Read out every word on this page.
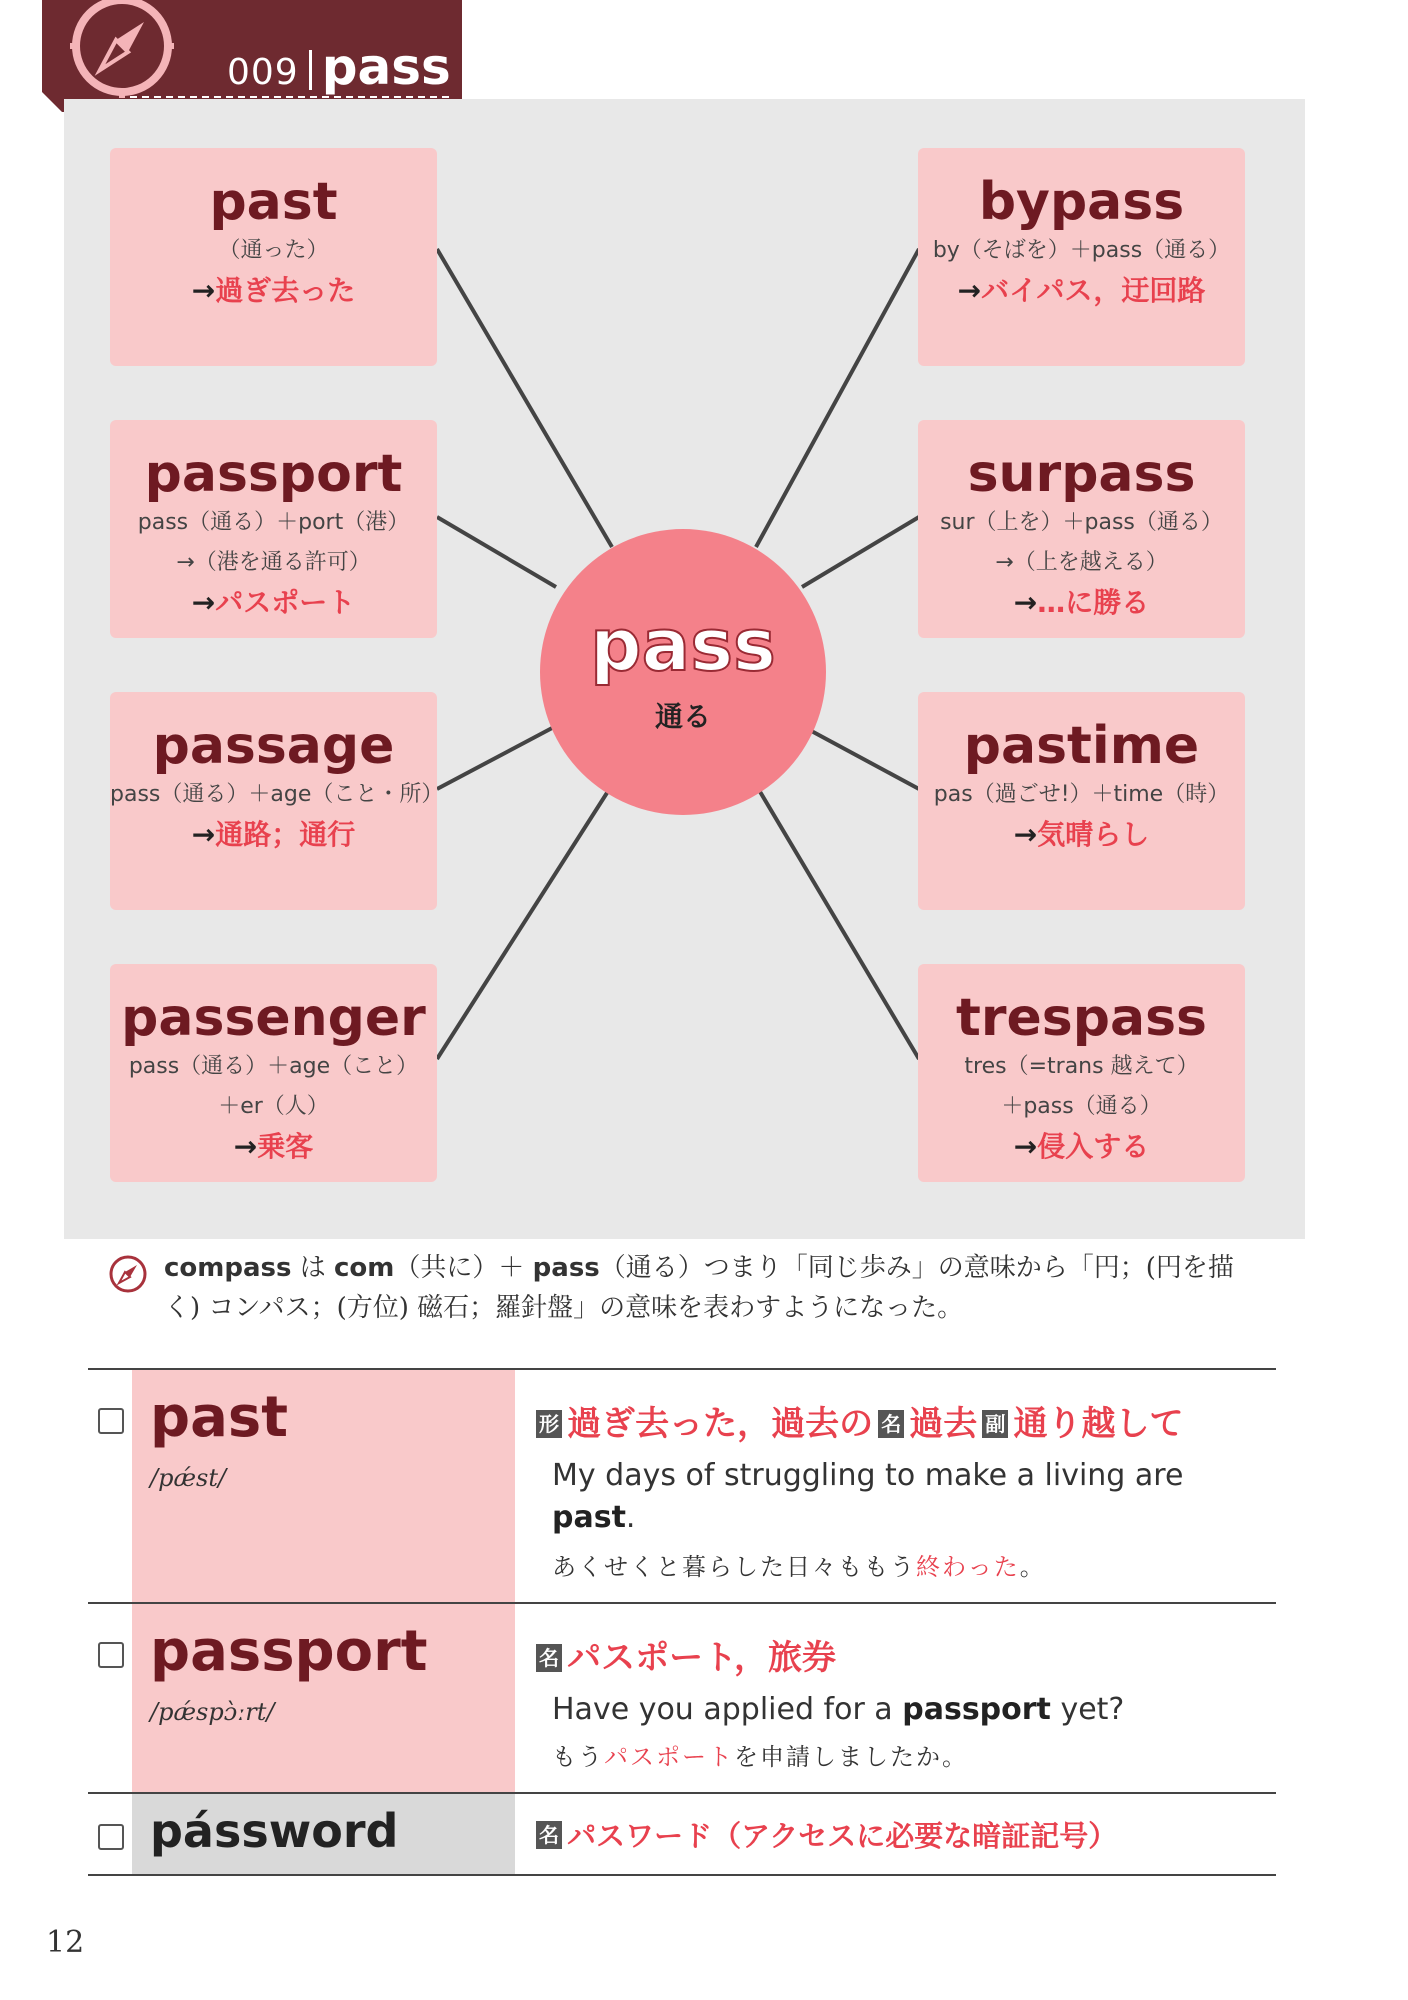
009 pass
past
（通った）
→過ぎ去った
passport
pass（通る）＋port（港）
→（港を通る許可）
→パスポート
passage
pass（通る）＋age（こと・所）
→通路；通行
passenger
pass（通る）＋age（こと）
＋er（人）
→乗客
bypass
by（そばを）＋pass（通る）
→バイパス，迂回路
surpass
sur（上を）＋pass（通る）
→（上を越える）
→…に勝る
pastime
pas（過ごせ!）＋time（時）
→気晴らし
trespass
tres（=trans 越えて）
＋pass（通る）
→侵入する
pass
通る
compass は com（共に）＋ pass（通る）つまり「同じ歩み」の意味から「円；(円を描く) コンパス；(方位) 磁石；羅針盤」の意味を表わすようになった。
past
/pǽst/
形 過ぎ去った，過去の 名 過去 副 通り越して
My days of struggling to make a living are past.
あくせくと暮らした日々ももう終わった。
passport
/pǽspɔ̀ːrt/
名 パスポート，旅券
Have you applied for a passport yet?
もうパスポートを申請しましたか。
pássword	名 パスワード（アクセスに必要な暗証記号）
12
